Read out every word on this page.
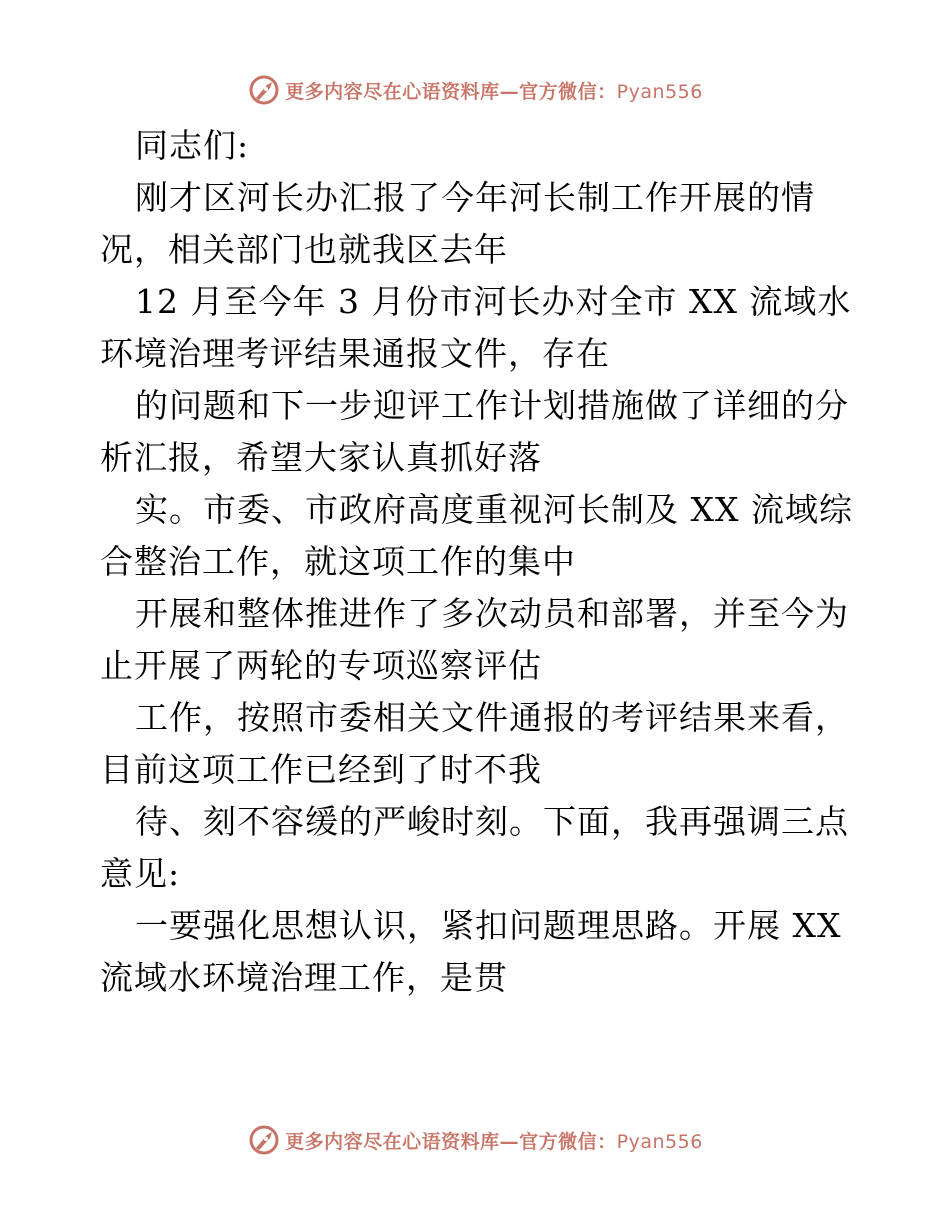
更多内容尽在心语资料库—官方微信：Pyan556
同志们:
刚才区河长办汇报了今年河长制工作开展的情
况，相关部门也就我区去年
12 月至今年 3 月份市河长办对全市 XX 流域水
环境治理考评结果通报文件，存在
的问题和下一步迎评工作计划措施做了详细的分
析汇报，希望大家认真抓好落
实。市委、市政府高度重视河长制及 XX 流域综
合整治工作，就这项工作的集中
开展和整体推进作了多次动员和部署，并至今为
止开展了两轮的专项巡察评估
工作，按照市委相关文件通报的考评结果来看，
目前这项工作已经到了时不我
待、刻不容缓的严峻时刻。下面，我再强调三点
意见:
一要强化思想认识，紧扣问题理思路。开展 XX
流域水环境治理工作，是贯
更多内容尽在心语资料库—官方微信：Pyan556
